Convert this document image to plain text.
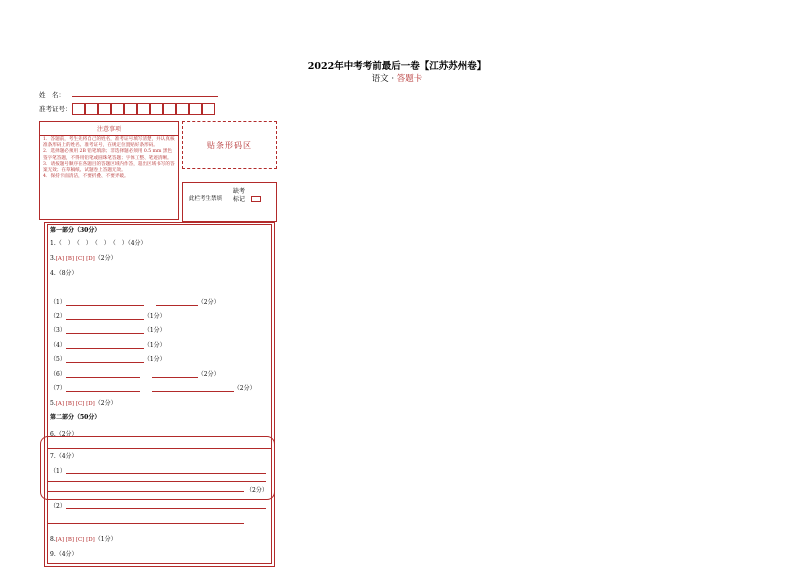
2022年中考考前最后一卷【江苏苏州卷】
语文 · 答题卡
姓　名：
准考证号：
注意事项
1．答题前，考生先将自己的姓名，准考证号填写清楚，并认真核准条形码上的姓名、准考证号，在规定位置贴好条形码。
2．选择题必须用 2B 铅笔填涂；非选择题必须用 0.5 mm 黑色签字笔答题，不得用铅笔或圆珠笔答题；字体工整、笔迹清晰。
3．请按题号顺序在各题目的答题区域内作答，超出区域书写的答案无效；在草稿纸、试题卷上答题无效。
4．保持卡面清洁，不要折叠、不要弄破。
贴条形码区
缺考
此栏考生禁填 标记
第一部分（30分）
1.（　）　（　）　（　）　（　）（4分）
3.[A] [B] [C] [D]（2分）
4.（8分）
（1）	（2分）
（2）	（1分）
（3）	（1分）
（4）	（1分）
（5）	（1分）
（6）	（2分）
（7）	（2分）
5.[A] [B] [C] [D]（2分）
第二部分（50分）
6.（2分）
7.（4分）
（1）
（2分）
（2）
8.[A] [B] [C] [D]（1分）
9.（4分）
